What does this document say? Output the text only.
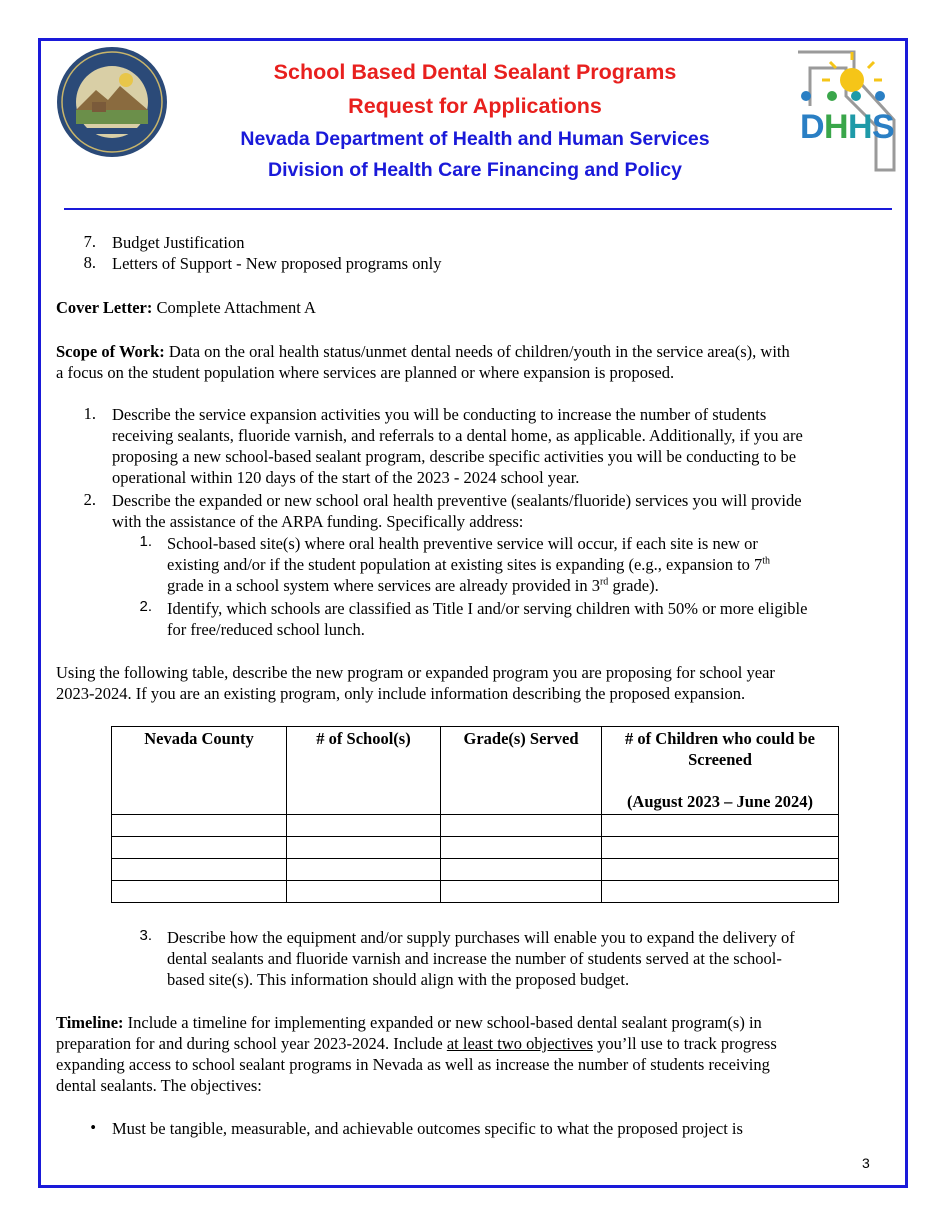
D H H S
School Based Dental Sealant Programs
Request for Applications
Nevada Department of Health and Human Services
Division of Health Care Financing and Policy
7. Budget Justification
8. Letters of Support - New proposed programs only
Cover Letter: Complete Attachment A
Scope of Work: Data on the oral health status/unmet dental needs of children/youth in the service area(s), with
a focus on the student population where services are planned or where expansion is proposed.
1. Describe the service expansion activities you will be conducting to increase the number of students
receiving sealants, fluoride varnish, and referrals to a dental home, as applicable. Additionally, if you are
proposing a new school-based sealant program, describe specific activities you will be conducting to be
operational within 120 days of the start of the 2023 - 2024 school year.
2. Describe the expanded or new school oral health preventive (sealants/fluoride) services you will provide
with the assistance of the ARPA funding. Specifically address:
1. School-based site(s) where oral health preventive service will occur, if each site is new or
existing and/or if the student population at existing sites is expanding (e.g., expansion to 7th
grade in a school system where services are already provided in 3rd grade).
2. Identify, which schools are classified as Title I and/or serving children with 50% or more eligible
for free/reduced school lunch.
Using the following table, describe the new program or expanded program you are proposing for school year
2023-2024. If you are an existing program, only include information describing the proposed expansion.
Nevada County	# of School(s)	Grade(s) Served	# of Children who could be
Screened
(August 2023 – June 2024)

3. Describe how the equipment and/or supply purchases will enable you to expand the delivery of
dental sealants and fluoride varnish and increase the number of students served at the school-
based site(s). This information should align with the proposed budget.
Timeline: Include a timeline for implementing expanded or new school-based dental sealant program(s) in
preparation for and during school year 2023-2024. Include at least two objectives you’ll use to track progress
expanding access to school sealant programs in Nevada as well as increase the number of students receiving
dental sealants. The objectives:
• Must be tangible, measurable, and achievable outcomes specific to what the proposed project is
3
